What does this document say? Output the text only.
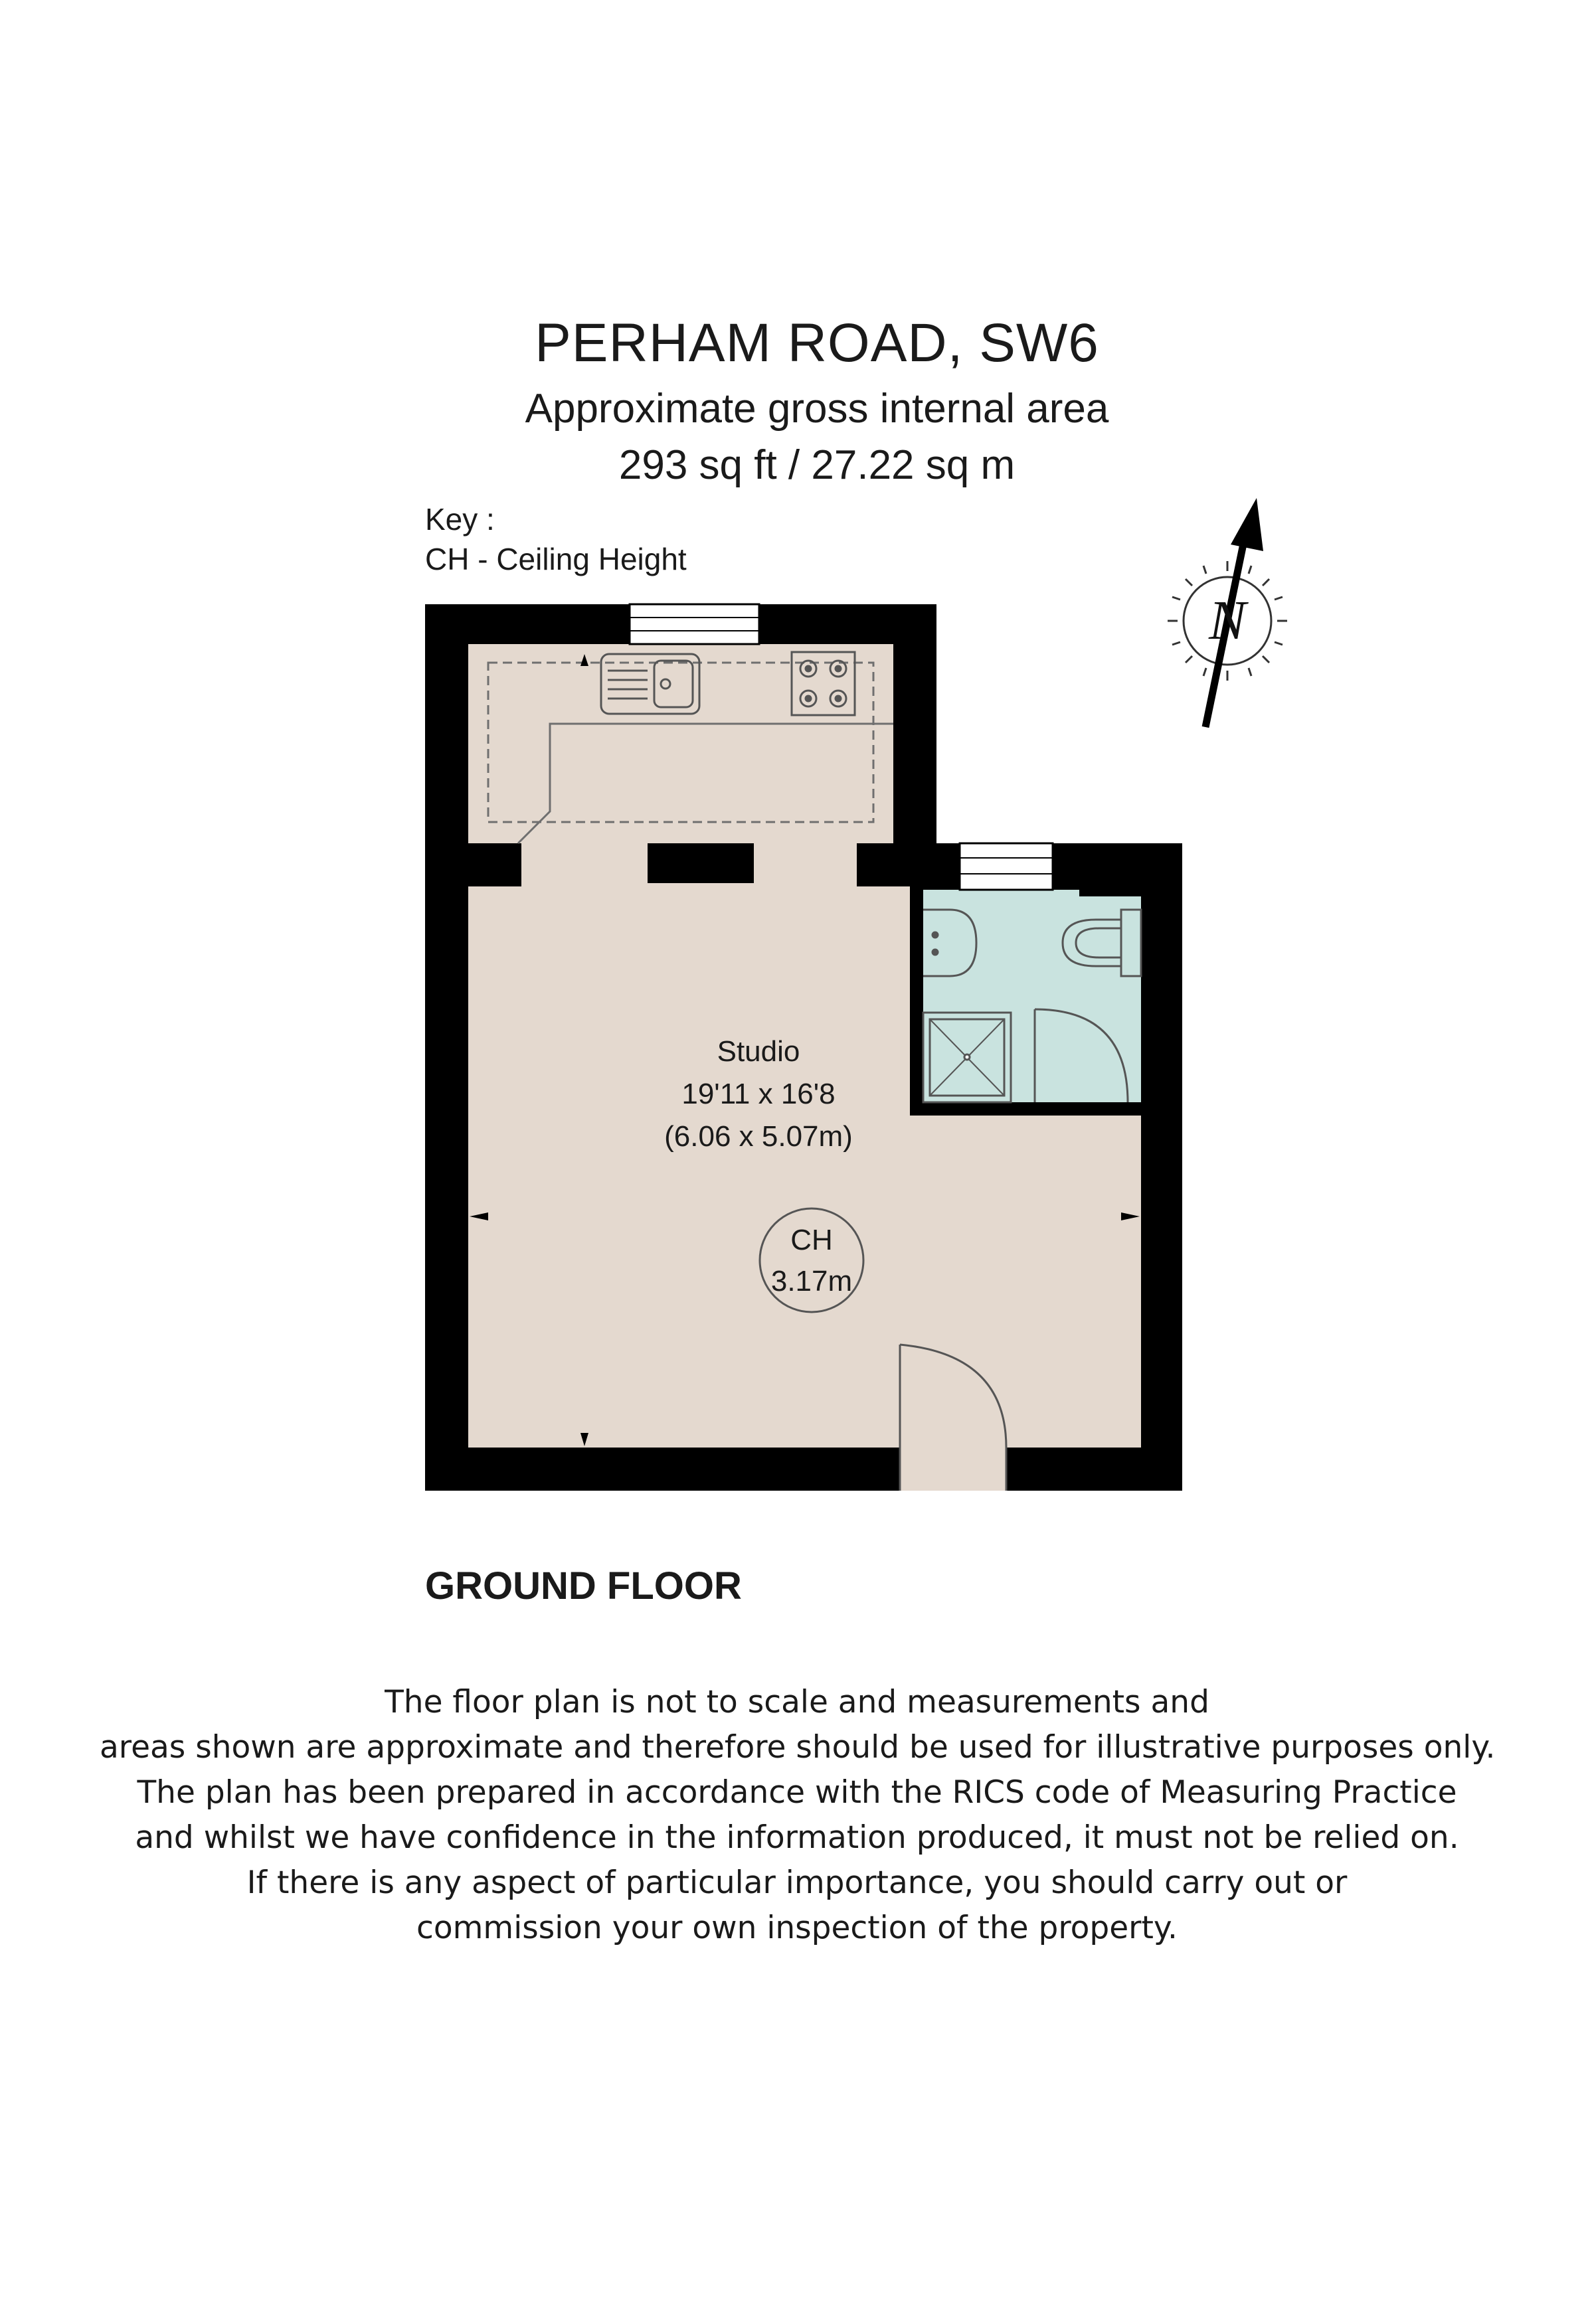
PERHAM ROAD, SW6
Approximate gross internal area
293 sq ft / 27.22 sq m
Key :
CH - Ceiling Height
N
Studio
19'11 x 16'8
(6.06 x 5.07m)
CH
3.17m
GROUND FLOOR
The floor plan is not to scale and measurements and
areas shown are approximate and therefore should be used for illustrative purposes only.
The plan has been prepared in accordance with the RICS code of Measuring Practice
and whilst we have confidence in the information produced, it must not be relied on.
If there is any aspect of particular importance, you should carry out or
commission your own inspection of the property.
